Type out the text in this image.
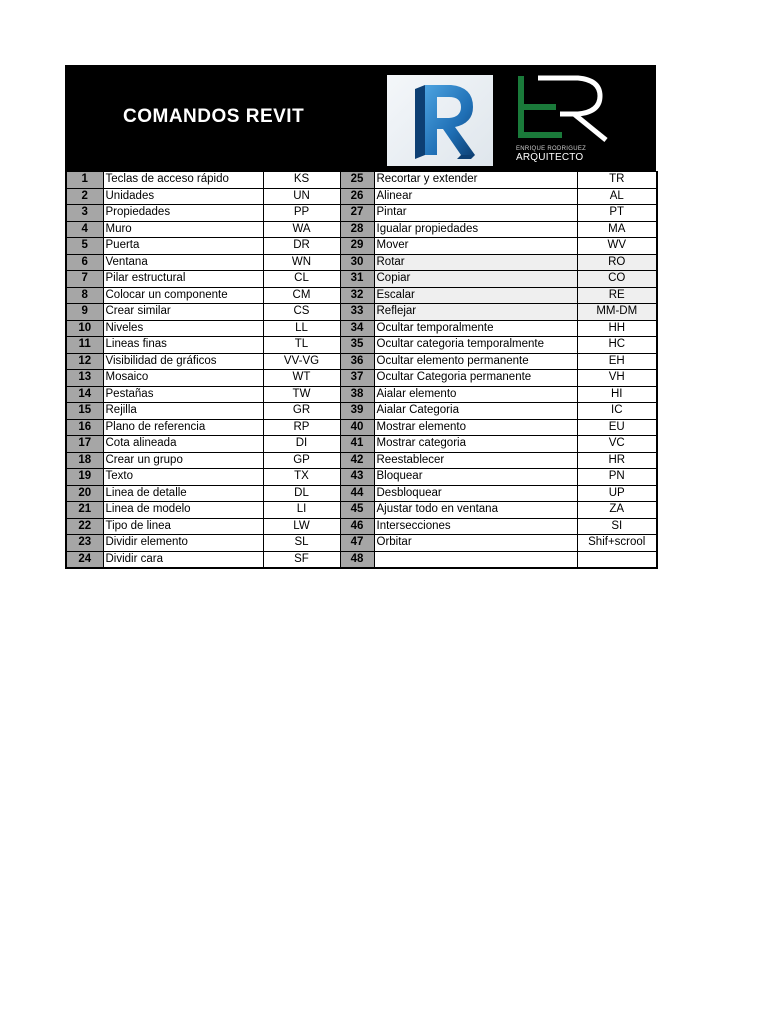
COMANDOS REVIT
ENRIQUE RODRIGUEZ
ARQUITECTO
1	Teclas de acceso rápido	KS	25	Recortar y extender	TR
2	Unidades	UN	26	Alinear	AL
3	Propiedades	PP	27	Pintar	PT
4	Muro	WA	28	Igualar propiedades	MA
5	Puerta	DR	29	Mover	WV
6	Ventana	WN	30	Rotar	RO
7	Pilar estructural	CL	31	Copiar	CO
8	Colocar un componente	CM	32	Escalar	RE
9	Crear similar	CS	33	Reflejar	MM-DM
10	Niveles	LL	34	Ocultar temporalmente	HH
11	Lineas finas	TL	35	Ocultar categoria temporalmente	HC
12	Visibilidad de gráficos	VV-VG	36	Ocultar elemento permanente	EH
13	Mosaico	WT	37	Ocultar Categoria permanente	VH
14	Pestañas	TW	38	Aialar elemento	HI
15	Rejilla	GR	39	Aialar Categoria	IC
16	Plano de referencia	RP	40	Mostrar elemento	EU
17	Cota alineada	DI	41	Mostrar categoria	VC
18	Crear un grupo	GP	42	Reestablecer	HR
19	Texto	TX	43	Bloquear	PN
20	Linea de detalle	DL	44	Desbloquear	UP
21	Linea de modelo	LI	45	Ajustar todo en ventana	ZA
22	Tipo de linea	LW	46	Intersecciones	SI
23	Dividir elemento	SL	47	Orbitar	Shif+scrool
24	Dividir cara	SF	48		
